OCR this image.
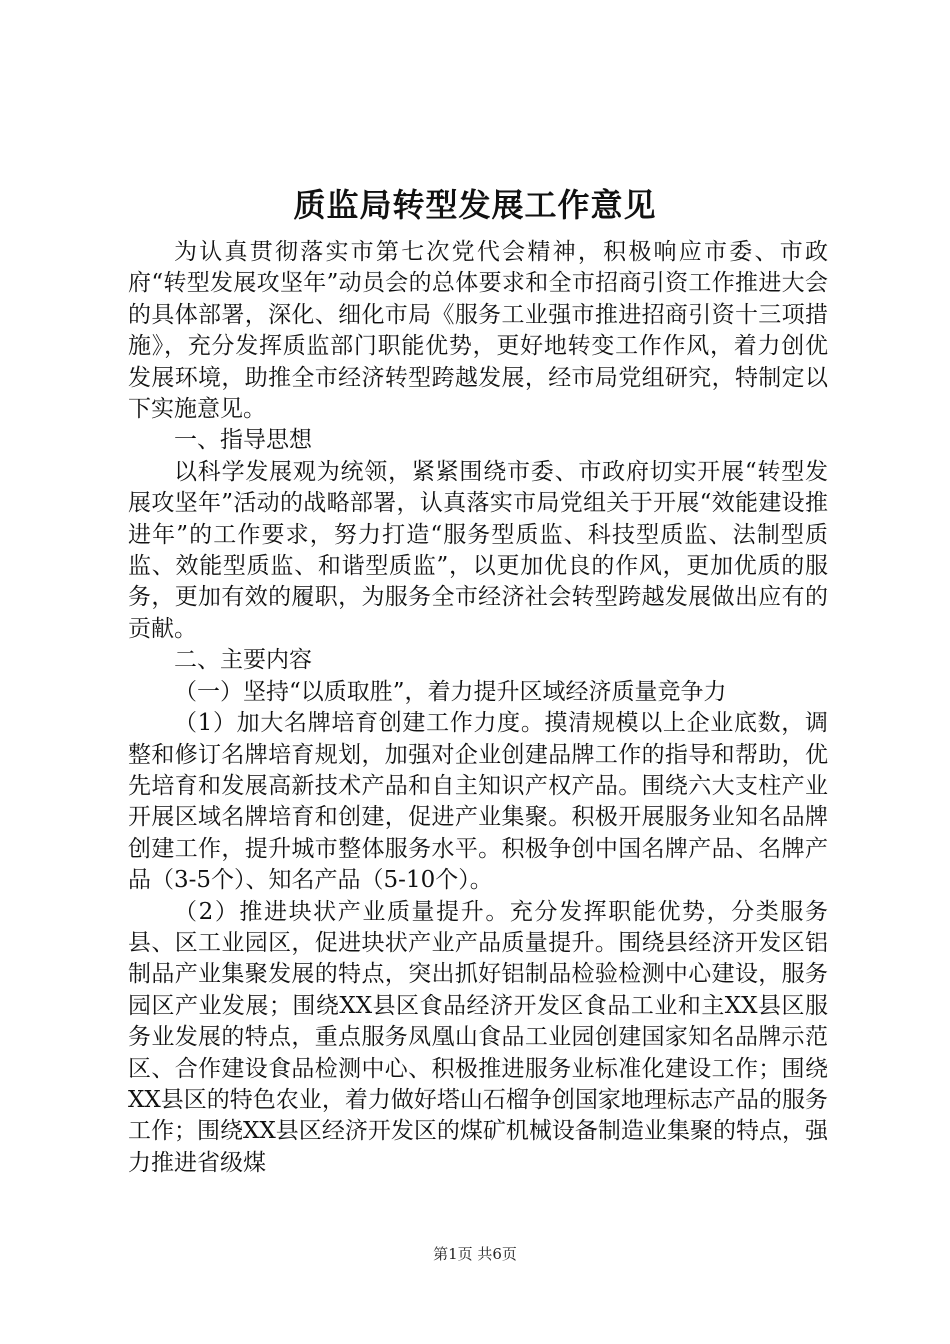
质监局转型发展工作意见

为认真贯彻落实市第七次党代会精神，积极响应市委、市政府“转型发展攻坚年”动员会的总体要求和全市招商引资工作推进大会的具体部署，深化、细化市局《服务工业强市推进招商引资十三项措施》，充分发挥质监部门职能优势，更好地转变工作作风，着力创优发展环境，助推全市经济转型跨越发展，经市局党组研究，特制定以下实施意见。

一、指导思想

以科学发展观为统领，紧紧围绕市委、市政府切实开展“转型发展攻坚年”活动的战略部署，认真落实市局党组关于开展“效能建设推进年”的工作要求，努力打造“服务型质监、科技型质监、法制型质监、效能型质监、和谐型质监”，以更加优良的作风，更加优质的服务，更加有效的履职，为服务全市经济社会转型跨越发展做出应有的贡献。

二、主要内容

（一）坚持“以质取胜”，着力提升区域经济质量竞争力

（1）加大名牌培育创建工作力度。摸清规模以上企业底数，调整和修订名牌培育规划，加强对企业创建品牌工作的指导和帮助，优先培育和发展高新技术产品和自主知识产权产品。围绕六大支柱产业开展区域名牌培育和创建，促进产业集聚。积极开展服务业知名品牌创建工作，提升城市整体服务水平。积极争创中国名牌产品、名牌产品（3-5个）、知名产品（5-10个）。

（2）推进块状产业质量提升。充分发挥职能优势，分类服务县、区工业园区，促进块状产业产品质量提升。围绕县经济开发区铝制品产业集聚发展的特点，突出抓好铝制品检验检测中心建设，服务园区产业发展；围绕XX县区食品经济开发区食品工业和主XX县区服务业发展的特点，重点服务凤凰山食品工业园创建国家知名品牌示范区、合作建设食品检测中心、积极推进服务业标准化建设工作；围绕XX县区的特色农业，着力做好塔山石榴争创国家地理标志产品的服务工作；围绕XX县区经济开发区的煤矿机械设备制造业集聚的特点，强力推进省级煤

第1页 共6页
